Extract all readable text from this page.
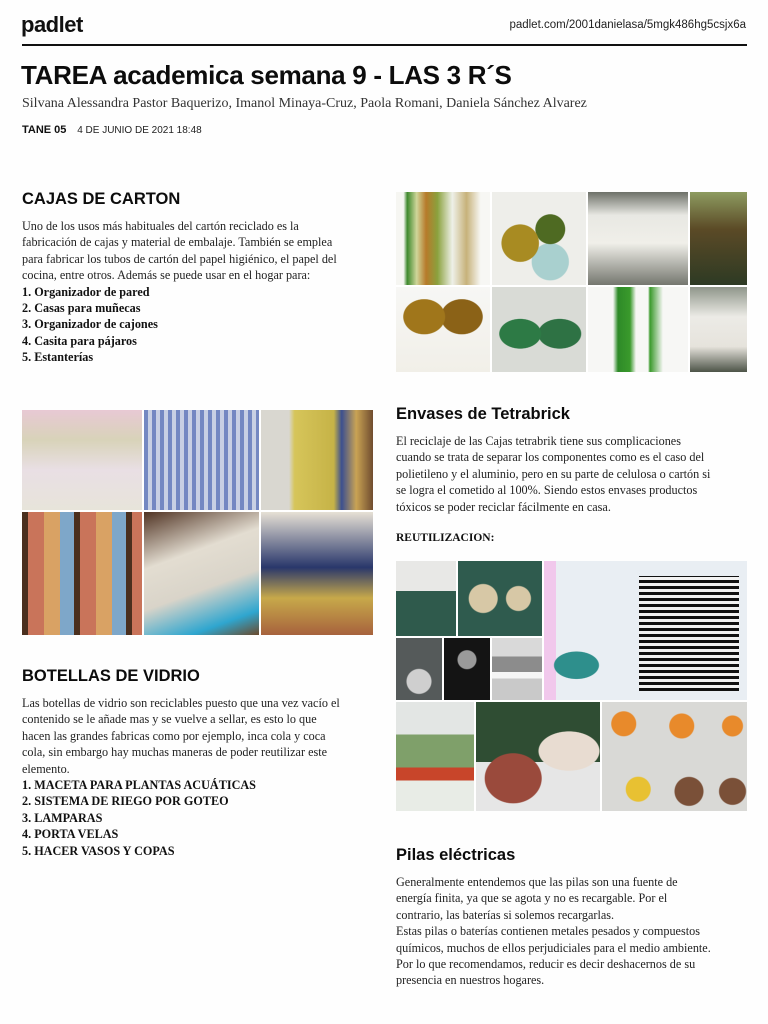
padlet	padlet.com/2001danielasa/5mgk486hg5csjx6a
TAREA academica semana 9 - LAS 3 R´S
Silvana Alessandra Pastor Baquerizo, Imanol Minaya-Cruz, Paola Romani, Daniela Sánchez Alvarez
TANE 05 4 DE JUNIO DE 2021 18:48
CAJAS DE CARTON
Uno de los usos más habituales del cartón reciclado es la
fabricación de cajas y material de embalaje. También se emplea
para fabricar los tubos de cartón del papel higiénico, el papel del
cocina, entre otros. Además se puede usar en el hogar para:
1. Organizador de pared
2. Casas para muñecas
3. Organizador de cajones
4. Casita para pájaros
5. Estanterías
Envases de Tetrabrick
El reciclaje de las Cajas tetrabrik tiene sus complicaciones
cuando se trata de separar los componentes como es el caso del
polietileno y el aluminio, pero en su parte de celulosa o cartón si
se logra el cometido al 100%. Siendo estos envases productos
tóxicos se poder reciclar fácilmente en casa.
REUTILIZACION:
BOTELLAS DE VIDRIO
Las botellas de vidrio son reciclables puesto que una vez vacío el
contenido se le añade mas y se vuelve a sellar, es esto lo que
hacen las grandes fabricas como por ejemplo, inca cola y coca
cola, sin embargo hay muchas maneras de poder reutilizar este
elemento.
1. MACETA PARA PLANTAS ACUÁTICAS
2. SISTEMA DE RIEGO POR GOTEO
3. LAMPARAS
4. PORTA VELAS
5. HACER VASOS Y COPAS	Pilas eléctricas
Generalmente entendemos que las pilas son una fuente de
energía finita, ya que se agota y no es recargable. Por el
contrario, las baterías si solemos recargarlas.
Estas pilas o baterías contienen metales pesados y compuestos
químicos, muchos de ellos perjudiciales para el medio ambiente.
Por lo que recomendamos, reducir es decir deshacernos de su
presencia en nuestros hogares.
